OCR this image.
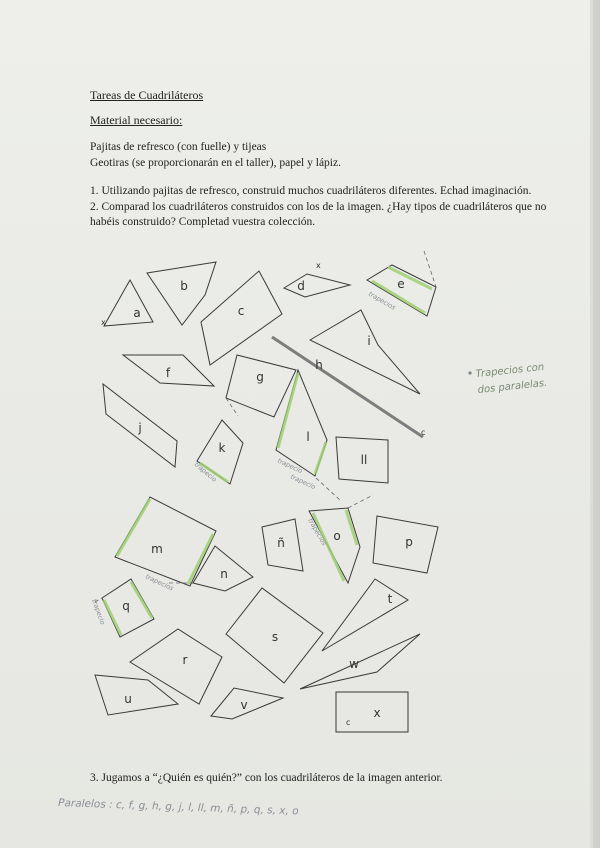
Tareas de Cuadriláteros
Material necesario:
Pajitas de refresco (con fuelle) y tijeas
Geotiras (se proporcionarán en el taller), papel y lápiz.
1. Utilizando pajitas de refresco, construid muchos cuadriláteros diferentes. Echad imaginación.
2. Comparad los cuadriláteros construidos con los de la imagen. ¿Hay tipos de cuadriláteros que no habéis construido? Completad vuestra colección.
3. Jugamos a “¿Quién es quién?” con los cuadriláteros de la imagen anterior.
a
b
c
d	e
f	g
h
i
j
k
l
ll
m
n
ñ	o	p
q
r
s
t
u	v
w
x
x
x
c
c
trapecios
trapecio	trapecio
trapecio
trapecios
trapecios
trapecio
Trapecios con
dos paralelas.
Paralelos : c, f, g, h, g, j, l, ll, m, ñ, p, q, s, x, o
